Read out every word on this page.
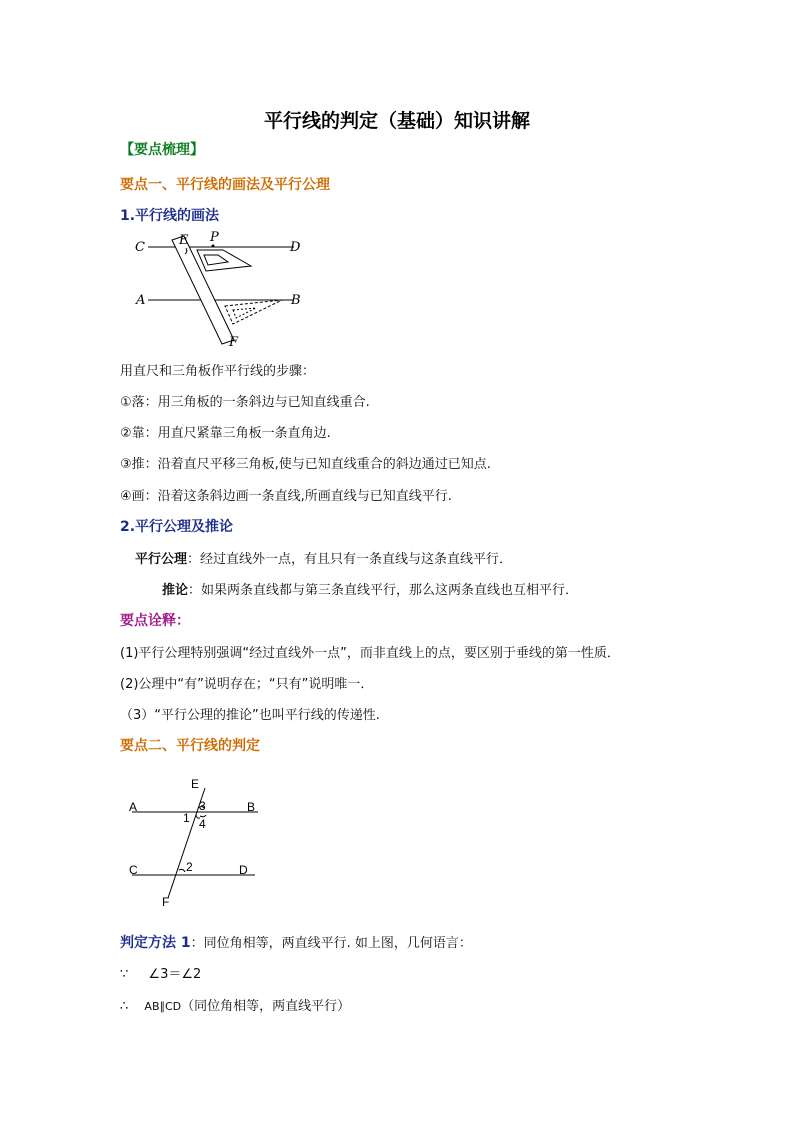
平行线的判定（基础）知识讲解
【要点梳理】
要点一、平行线的画法及平行公理
1.平行线的画法
C	E P
D
A	B
F
用直尺和三角板作平行线的步骤：
①落：用三角板的一条斜边与已知直线重合.
②靠：用直尺紧靠三角板一条直角边.
③推：沿着直尺平移三角板,使与已知直线重合的斜边通过已知点.
④画：沿着这条斜边画一条直线,所画直线与已知直线平行.
2.平行公理及推论
平行公理：经过直线外一点，有且只有一条直线与这条直线平行．
推论：如果两条直线都与第三条直线平行，那么这两条直线也互相平行．
要点诠释：
(1)平行公理特别强调“经过直线外一点”，而非直线上的点，要区别于垂线的第一性质．
(2)公理中“有”说明存在；“只有”说明唯一．
（3）“平行公理的推论”也叫平行线的传递性.
要点二、平行线的判定
E
A	3	B
1 4
C	2	D
F
判定方法 1：同位角相等，两直线平行. 如上图，几何语言：
∵ ∠3＝∠2
∴ AB∥CD（同位角相等，两直线平行）
